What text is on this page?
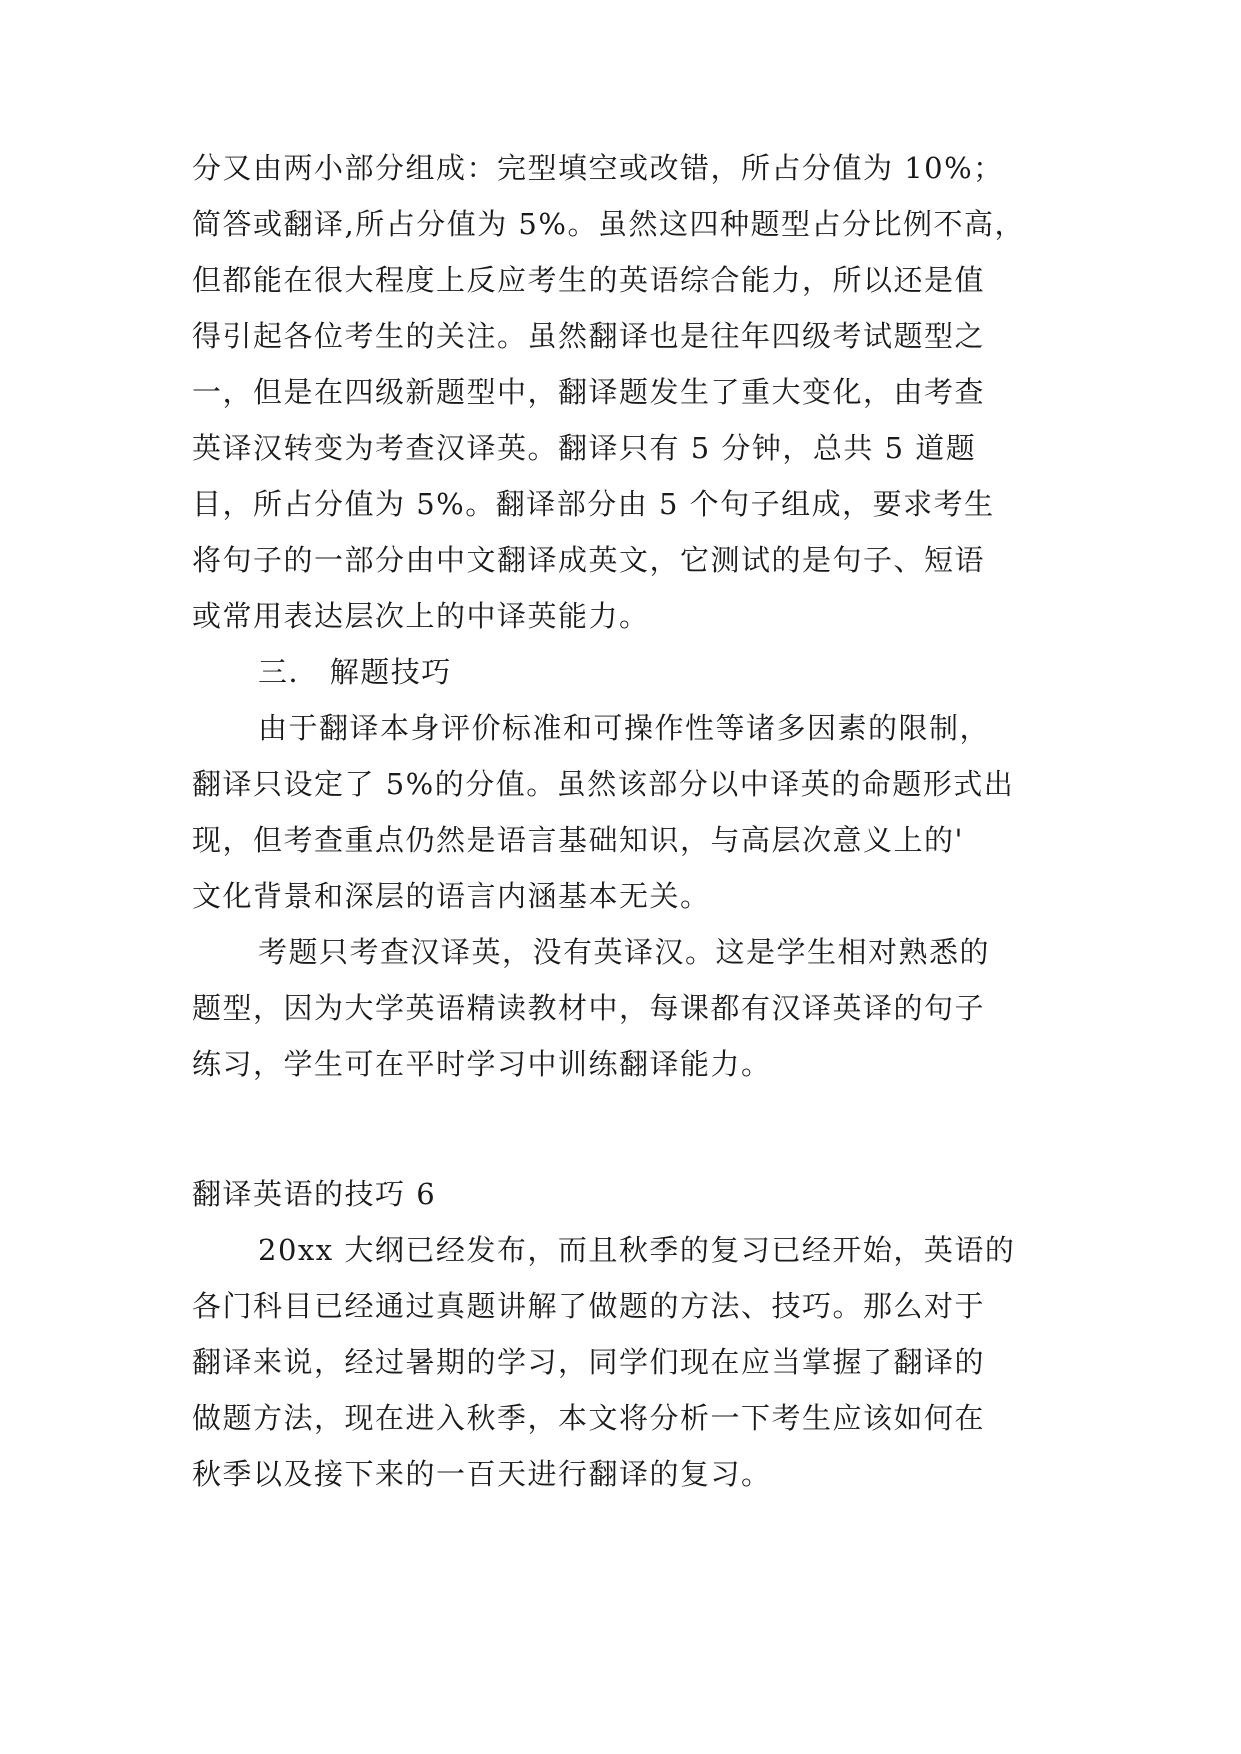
分又由两小部分组成：完型填空或改错，所占分值为 10%；
简答或翻译,所占分值为 5%。虽然这四种题型占分比例不高，
但都能在很大程度上反应考生的英语综合能力，所以还是值
得引起各位考生的关注。虽然翻译也是往年四级考试题型之
一，但是在四级新题型中，翻译题发生了重大变化，由考查
英译汉转变为考查汉译英。翻译只有 5 分钟，总共 5 道题
目，所占分值为 5%。翻译部分由 5 个句子组成，要求考生
将句子的一部分由中文翻译成英文，它测试的是句子、短语
或常用表达层次上的中译英能力。
三． 解题技巧
由于翻译本身评价标准和可操作性等诸多因素的限制，
翻译只设定了 5%的分值。虽然该部分以中译英的命题形式出
现，但考查重点仍然是语言基础知识，与高层次意义上的'
文化背景和深层的语言内涵基本无关。
考题只考查汉译英，没有英译汉。这是学生相对熟悉的
题型，因为大学英语精读教材中，每课都有汉译英译的句子
练习，学生可在平时学习中训练翻译能力。
翻译英语的技巧 6
20xx 大纲已经发布，而且秋季的复习已经开始，英语的
各门科目已经通过真题讲解了做题的方法、技巧。那么对于
翻译来说，经过暑期的学习，同学们现在应当掌握了翻译的
做题方法，现在进入秋季，本文将分析一下考生应该如何在
秋季以及接下来的一百天进行翻译的复习。
